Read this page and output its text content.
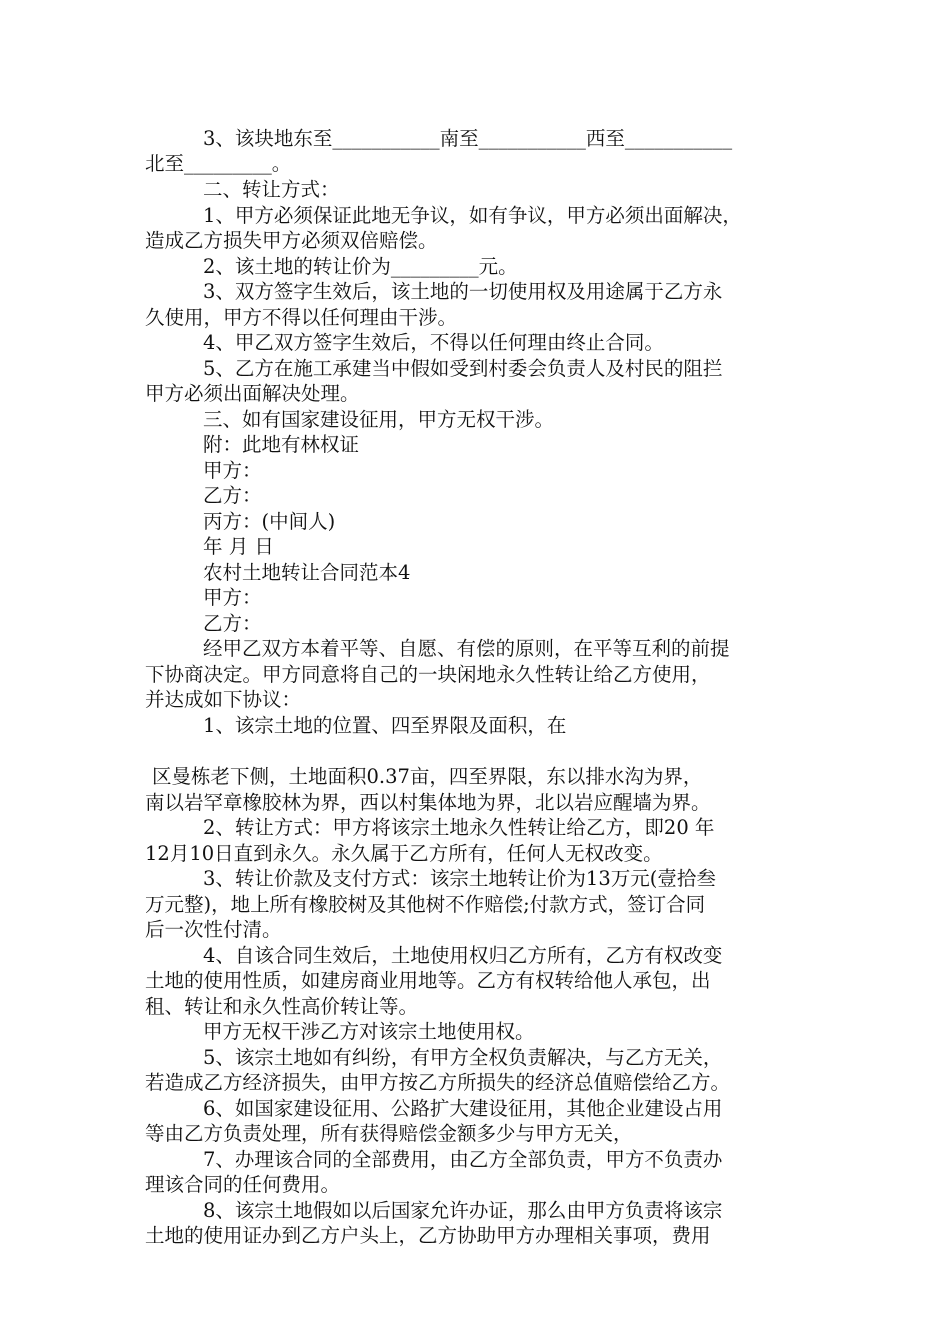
3、该块地东至___________南至___________西至___________
北至_________。
二、转让方式：
1、甲方必须保证此地无争议，如有争议，甲方必须出面解决，
造成乙方损失甲方必须双倍赔偿。
2、该土地的转让价为_________元。
3、双方签字生效后，该土地的一切使用权及用途属于乙方永
久使用，甲方不得以任何理由干涉。
4、甲乙双方签字生效后，不得以任何理由终止合同。
5、乙方在施工承建当中假如受到村委会负责人及村民的阻拦
甲方必须出面解决处理。
三、如有国家建设征用，甲方无权干涉。
附：此地有林权证
甲方：
乙方：
丙方：(中间人)
年 月 日
农村土地转让合同范本4
甲方：
乙方：
经甲乙双方本着平等、自愿、有偿的原则，在平等互利的前提
下协商决定。甲方同意将自己的一块闲地永久性转让给乙方使用，
并达成如下协议：
1、该宗土地的位置、四至界限及面积，在
区曼栋老下侧，土地面积0.37亩，四至界限，东以排水沟为界，
南以岩罕章橡胶林为界，西以村集体地为界，北以岩应醒墙为界。
2、转让方式：甲方将该宗土地永久性转让给乙方，即20 年
12月10日直到永久。永久属于乙方所有，任何人无权改变。
3、转让价款及支付方式：该宗土地转让价为13万元(壹拾叁
万元整)，地上所有橡胶树及其他树不作赔偿;付款方式，签订合同
后一次性付清。
4、自该合同生效后，土地使用权归乙方所有，乙方有权改变
土地的使用性质，如建房商业用地等。乙方有权转给他人承包，出
租、转让和永久性高价转让等。
甲方无权干涉乙方对该宗土地使用权。
5、该宗土地如有纠纷，有甲方全权负责解决，与乙方无关，
若造成乙方经济损失，由甲方按乙方所损失的经济总值赔偿给乙方。
6、如国家建设征用、公路扩大建设征用，其他企业建设占用
等由乙方负责处理，所有获得赔偿金额多少与甲方无关，
7、办理该合同的全部费用，由乙方全部负责，甲方不负责办
理该合同的任何费用。
8、该宗土地假如以后国家允许办证，那么由甲方负责将该宗
土地的使用证办到乙方户头上，乙方协助甲方办理相关事项，费用
